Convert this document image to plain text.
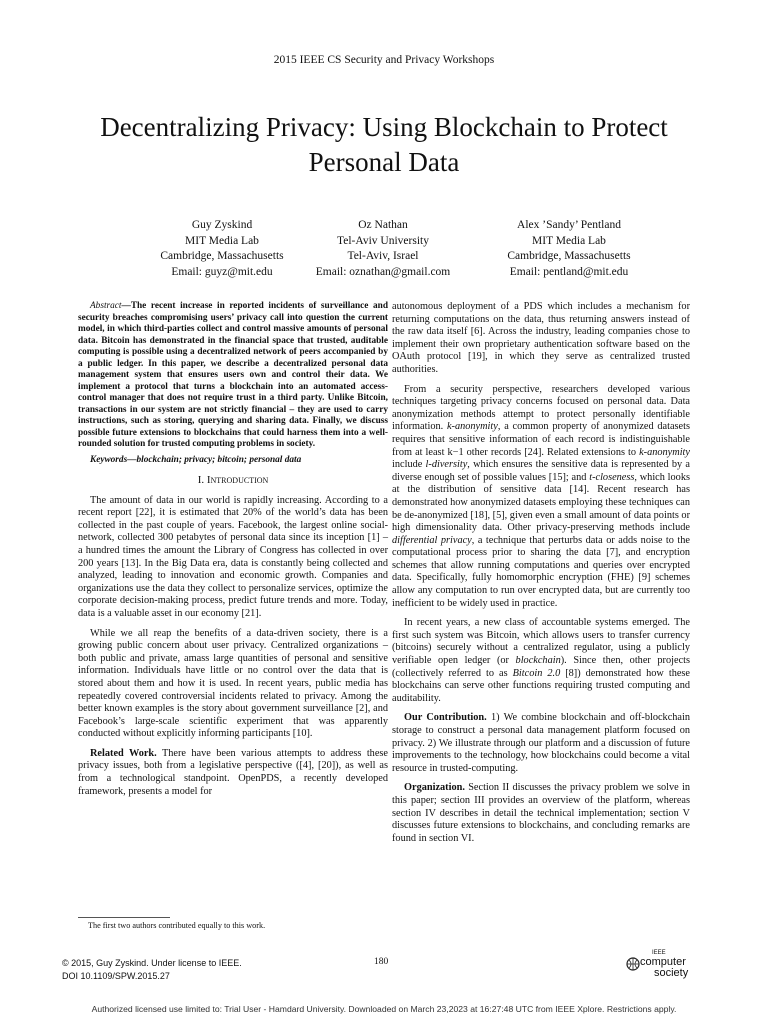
2015 IEEE CS Security and Privacy Workshops
Decentralizing Privacy: Using Blockchain to Protect Personal Data
Guy Zyskind
MIT Media Lab
Cambridge, Massachusetts
Email: guyz@mit.edu
Oz Nathan
Tel-Aviv University
Tel-Aviv, Israel
Email: oznathan@gmail.com
Alex ’Sandy’ Pentland
MIT Media Lab
Cambridge, Massachusetts
Email: pentland@mit.edu

Abstract—The recent increase in reported incidents of surveillance and security breaches compromising users’ privacy call into question the current model, in which third-parties collect and control massive amounts of personal data. Bitcoin has demonstrated in the financial space that trusted, auditable computing is possible using a decentralized network of peers accompanied by a public ledger. In this paper, we describe a decentralized personal data management system that ensures users own and control their data. We implement a protocol that turns a blockchain into an automated access-control manager that does not require trust in a third party. Unlike Bitcoin, transactions in our system are not strictly financial – they are used to carry instructions, such as storing, querying and sharing data. Finally, we discuss possible future extensions to blockchains that could harness them into a well-rounded solution for trusted computing problems in society.

Keywords—blockchain; privacy; bitcoin; personal data

I. Introduction

The amount of data in our world is rapidly increasing. According to a recent report [22], it is estimated that 20% of the world’s data has been collected in the past couple of years. Facebook, the largest online social-network, collected 300 petabytes of personal data since its inception [1] – a hundred times the amount the Library of Congress has collected in over 200 years [13]. In the Big Data era, data is constantly being collected and analyzed, leading to innovation and economic growth. Companies and organizations use the data they collect to personalize services, optimize the corporate decision-making process, predict future trends and more. Today, data is a valuable asset in our economy [21].

While we all reap the benefits of a data-driven society, there is a growing public concern about user privacy. Centralized organizations – both public and private, amass large quantities of personal and sensitive information. Individuals have little or no control over the data that is stored about them and how it is used. In recent years, public media has repeatedly covered controversial incidents related to privacy. Among the better known examples is the story about government surveillance [2], and Facebook’s large-scale scientific experiment that was apparently conducted without explicitly informing participants [10].

Related Work. There have been various attempts to address these privacy issues, both from a legislative perspective ([4], [20]), as well as from a technological standpoint. OpenPDS, a recently developed framework, presents a model for

autonomous deployment of a PDS which includes a mechanism for returning computations on the data, thus returning answers instead of the raw data itself [6]. Across the industry, leading companies chose to implement their own proprietary authentication software based on the OAuth protocol [19], in which they serve as centralized trusted authorities.

From a security perspective, researchers developed various techniques targeting privacy concerns focused on personal data. Data anonymization methods attempt to protect personally identifiable information. k-anonymity, a common property of anonymized datasets requires that sensitive information of each record is indistinguishable from at least k−1 other records [24]. Related extensions to k-anonymity include l-diversity, which ensures the sensitive data is represented by a diverse enough set of possible values [15]; and t-closeness, which looks at the distribution of sensitive data [14]. Recent research has demonstrated how anonymized datasets employing these techniques can be de-anonymized [18], [5], given even a small amount of data points or high dimensionality data. Other privacy-preserving methods include differential privacy, a technique that perturbs data or adds noise to the computational process prior to sharing the data [7], and encryption schemes that allow running computations and queries over encrypted data. Specifically, fully homomorphic encryption (FHE) [9] schemes allow any computation to run over encrypted data, but are currently too inefficient to be widely used in practice.

In recent years, a new class of accountable systems emerged. The first such system was Bitcoin, which allows users to transfer currency (bitcoins) securely without a centralized regulator, using a publicly verifiable open ledger (or blockchain). Since then, other projects (collectively referred to as Bitcoin 2.0 [8]) demonstrated how these blockchains can serve other functions requiring trusted computing and auditability.

Our Contribution. 1) We combine blockchain and off-blockchain storage to construct a personal data management platform focused on privacy. 2) We illustrate through our platform and a discussion of future improvements to the technology, how blockchains could become a vital resource in trusted-computing.

Organization. Section II discusses the privacy problem we solve in this paper; section III provides an overview of the platform, whereas section IV describes in detail the technical implementation; section V discusses future extensions to blockchains, and concluding remarks are found in section VI.

The first two authors contributed equally to this work.
© 2015, Guy Zyskind. Under license to IEEE.
DOI 10.1109/SPW.2015.27
180
IEEE
computer
society
Authorized licensed use limited to: Trial User - Hamdard University. Downloaded on March 23,2023 at 16:27:48 UTC from IEEE Xplore. Restrictions apply.
